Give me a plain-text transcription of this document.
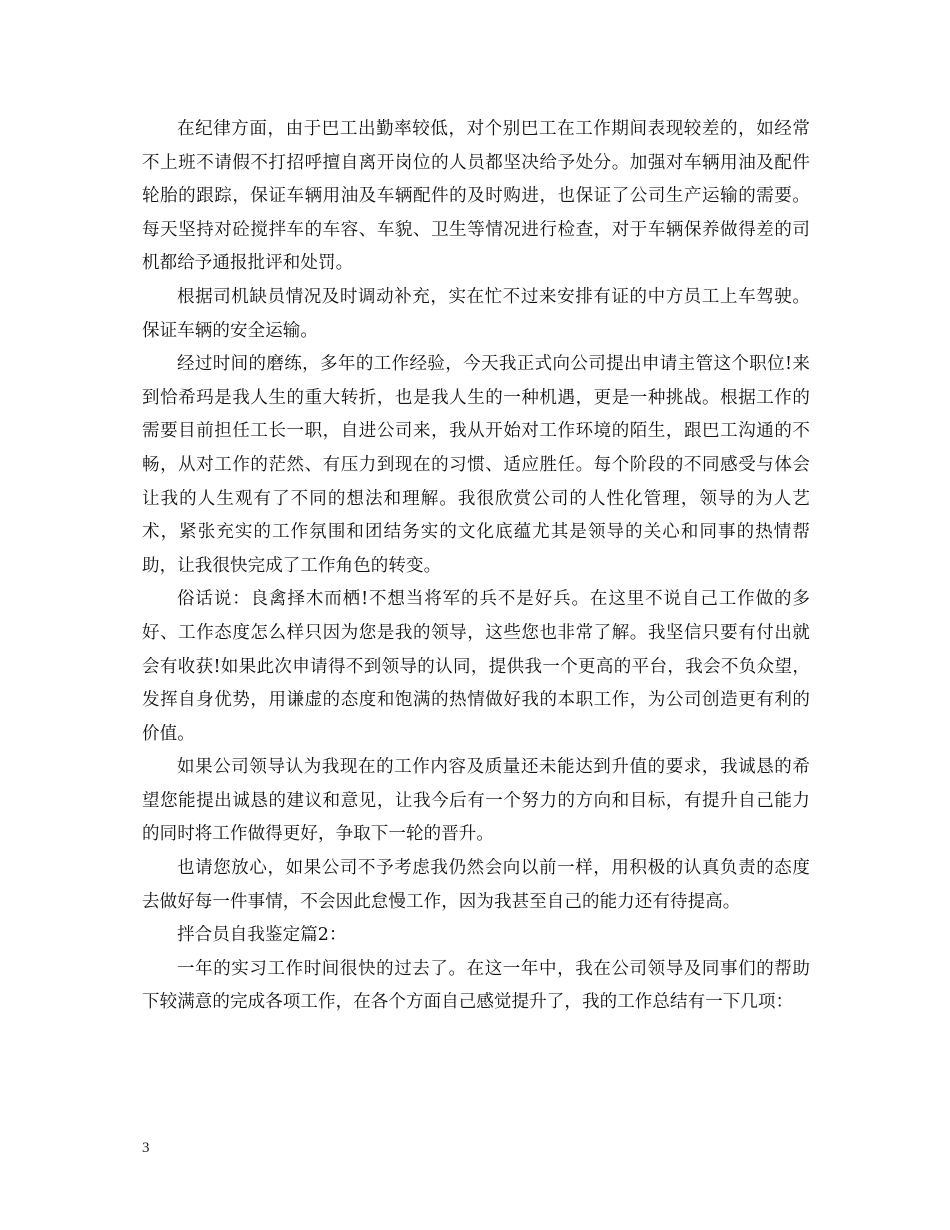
在纪律方面，由于巴工出勤率较低，对个别巴工在工作期间表现较差的，如经常不上班不请假不打招呼擅自离开岗位的人员都坚决给予处分。加强对车辆用油及配件轮胎的跟踪，保证车辆用油及车辆配件的及时购进，也保证了公司生产运输的需要。每天坚持对砼搅拌车的车容、车貌、卫生等情况进行检查，对于车辆保养做得差的司机都给予通报批评和处罚。

根据司机缺员情况及时调动补充，实在忙不过来安排有证的中方员工上车驾驶。保证车辆的安全运输。

经过时间的磨练，多年的工作经验，今天我正式向公司提出申请主管这个职位!来到恰希玛是我人生的重大转折，也是我人生的一种机遇，更是一种挑战。根据工作的需要目前担任工长一职，自进公司来，我从开始对工作环境的陌生，跟巴工沟通的不畅，从对工作的茫然、有压力到现在的习惯、适应胜任。每个阶段的不同感受与体会让我的人生观有了不同的想法和理解。我很欣赏公司的人性化管理，领导的为人艺术，紧张充实的工作氛围和团结务实的文化底蕴尤其是领导的关心和同事的热情帮助，让我很快完成了工作角色的转变。

俗话说：良禽择木而栖!不想当将军的兵不是好兵。在这里不说自己工作做的多好、工作态度怎么样只因为您是我的领导，这些您也非常了解。我坚信只要有付出就会有收获!如果此次申请得不到领导的认同，提供我一个更高的平台，我会不负众望，发挥自身优势，用谦虚的态度和饱满的热情做好我的本职工作，为公司创造更有利的价值。

如果公司领导认为我现在的工作内容及质量还未能达到升值的要求，我诚恳的希望您能提出诚恳的建议和意见，让我今后有一个努力的方向和目标，有提升自己能力的同时将工作做得更好，争取下一轮的晋升。

也请您放心，如果公司不予考虑我仍然会向以前一样，用积极的认真负责的态度去做好每一件事情，不会因此怠慢工作，因为我甚至自己的能力还有待提高。

拌合员自我鉴定篇2：

一年的实习工作时间很快的过去了。在这一年中，我在公司领导及同事们的帮助下较满意的完成各项工作，在各个方面自己感觉提升了，我的工作总结有一下几项：

3
